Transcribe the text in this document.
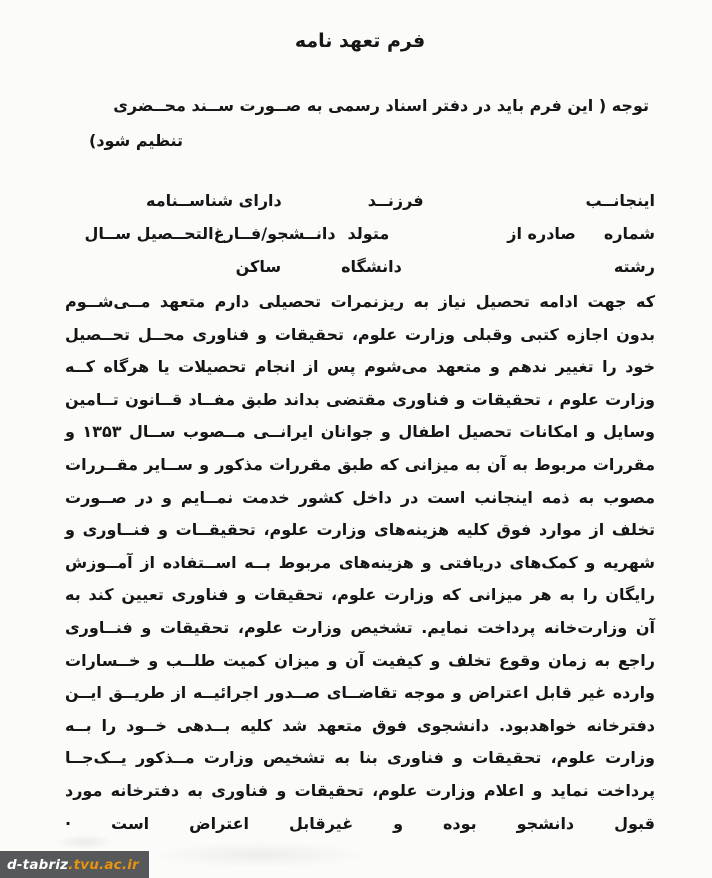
فرم تعهد نامه
توجه ( این فرم باید در دفتر اسناد رسمی به صــورت ســند محــضری
تنظیم شود)
اینجانــب
فرزنــد
دارای شناســنامه
شماره
صادره از
متولد
دانــشجو/فــارغ‌التحــصیل ســال
رشته
دانشگاه
ساکن
که جهت ادامه تحصیل نیاز به ریزنمرات تحصیلی دارم متعهد مــی‌شــوم
بدون اجازه کتبی وقبلی وزارت علوم، تحقیقات و فناوری محــل تحــصیل
خود را تغییر ندهم و متعهد می‌شوم پس از انجام تحصیلات یا هرگاه کــه
وزارت علوم ، تحقیقات و فناوری مقتضی بداند طبق مفــاد قــانون تــامین
وسایل و امکانات تحصیل اطفال و جوانان ایرانــی مــصوب ســال ۱۳۵۳ و
مقررات مربوط به آن به میزانی که طبق مقررات مذکور و ســایر مقــررات
مصوب به ذمه اینجانب است در داخل کشور خدمت نمــایم و در صــورت
تخلف از موارد فوق کلیه هزینه‌های وزارت علوم، تحقیقــات و فنــاوری و
شهریه و کمک‌های دریافتی و هزینه‌های مربوط بــه اســتفاده از آمــوزش
رایگان را به هر میزانی که وزارت علوم، تحقیقات و فناوری تعیین کند به
آن وزارت‌خانه پرداخت نمایم. تشخیص وزارت علوم، تحقیقات و فنــاوری
راجع به زمان وقوع تخلف و کیفیت آن و میزان کمیت طلــب و خــسارات
وارده غیر قابل اعتراض و موجه تقاضــای صــدور اجرائیــه از طریــق ایــن
دفترخانه خواهدبود. دانشجوی فوق متعهد شد کلیه بــدهی خــود را بــه
وزارت علوم، تحقیقات و فناوری بنا به تشخیص وزارت مــذکور یــک‌جــا
پرداخت نماید و اعلام وزارت علوم، تحقیقات و فناوری به دفترخانه مورد
قبول دانشجو بوده و غیرقابل اعتراض است ·
d-tabriz .tvu.ac.ir
